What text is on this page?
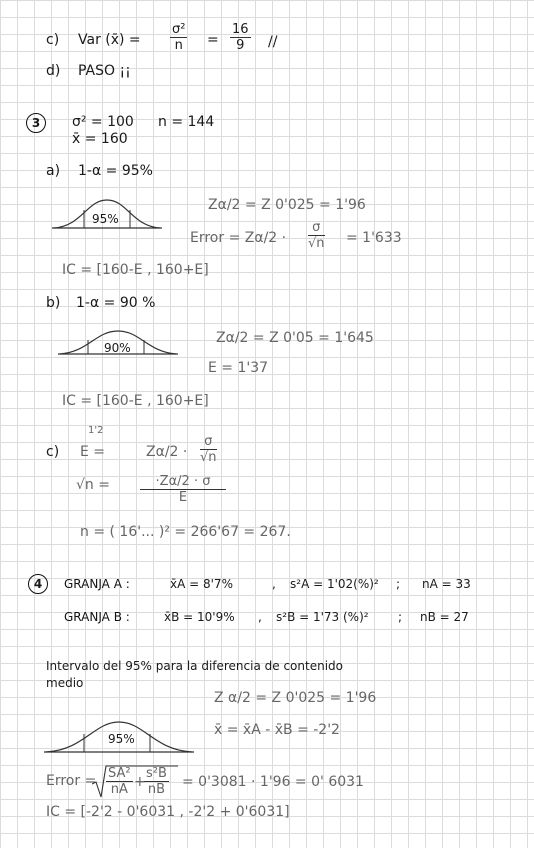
c) Var (x̄) = $\frac{\text{σ²}}{n} = \frac{16}{9}$ //
d) PASO ¡¡
3	σ² = 100 n = 144
x̄ = 160
a) 1-α = 95%
95%
Zα/2 = Z 0'025 = 1'96
Error = $Z\alpha/2 \cdot \frac{\sigma}{√n} = 1'633$
IC = [160-E , 160+E]
b) 1-α = 90 %
90%
Zα/2 = Z 0'05 = 1'645
E = 1'37
IC = [160-E , 160+E]
1'2
c) E =	$Z\alpha/2 \cdot \frac{\sigma}{√n}$
$√n = \frac{\cdot Z\alpha/2 \cdot \sigma}{E}$
n = ( 16'... )² = 266'67 = 267.
4	GRANJA A :	x̄A = 8'7%	, s²A = 1'02(%)² ; nA = 33
GRANJA B :	x̄B = 10'9% , s²B = 1'73 (%)² ; nB = 27
Intervalo del 95% para la diferencia de contenido
medio
Z α/2 = Z 0'025 = 1'96
x̄ = x̄A - x̄B = -2'2
95%
Error = $\frac{\text{SA²}}{nA}$ +
$\frac{\text{s²B}}{nB} = 0'3081 \cdot 1'96 = 0'$ 6031
IC = [-2'2 - 0'6031 , -2'2 + 0'6031]
